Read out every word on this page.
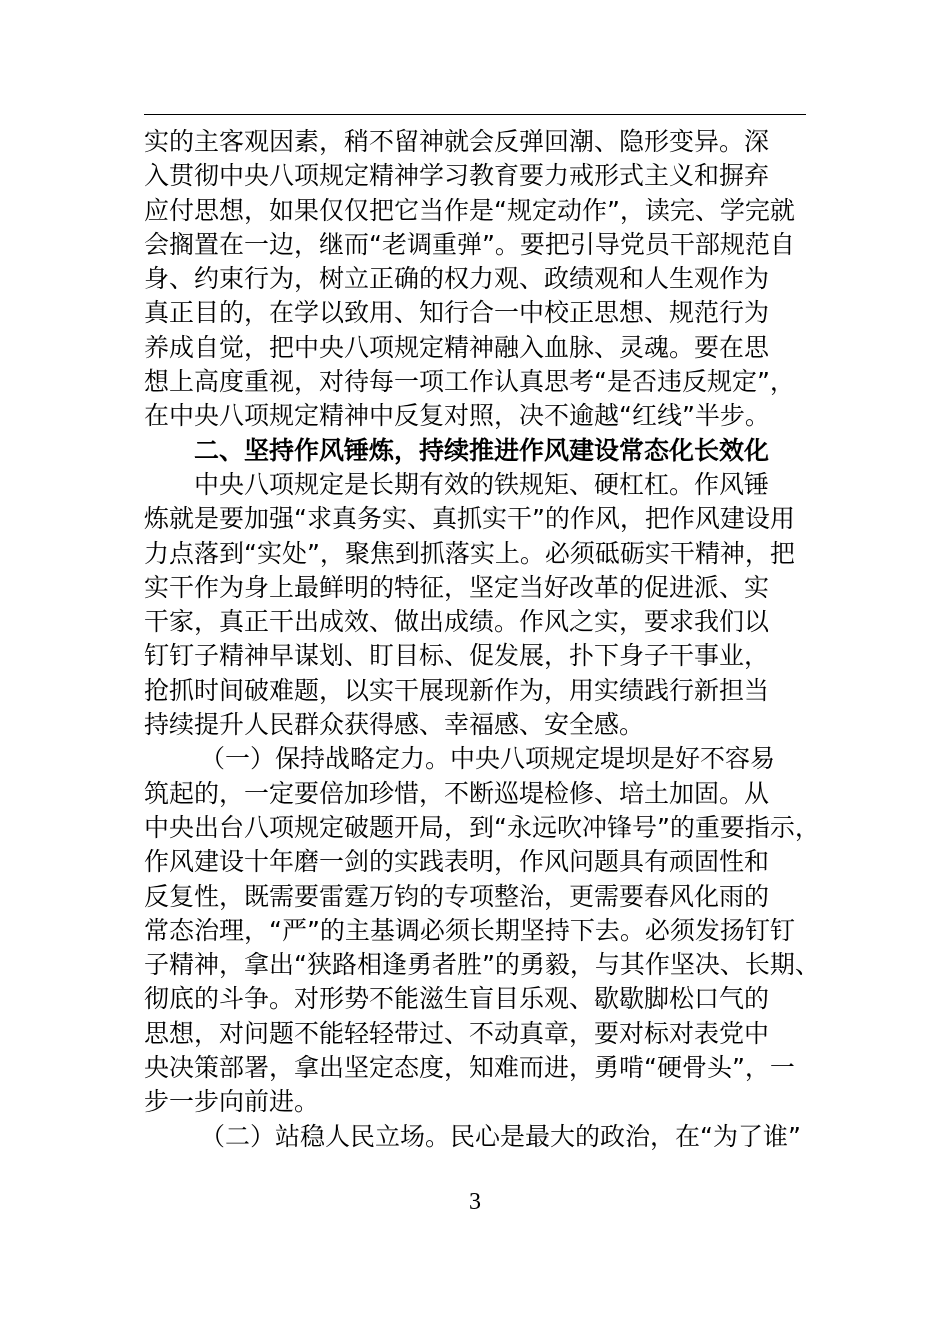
实的主客观因素，稍不留神就会反弹回潮、隐形变异。深
入贯彻中央八项规定精神学习教育要力戒形式主义和摒弃
应付思想，如果仅仅把它当作是“规定动作”，读完、学完就
会搁置在一边，继而“老调重弹”。要把引导党员干部规范自
身、约束行为，树立正确的权力观、政绩观和人生观作为
真正目的，在学以致用、知行合一中校正思想、规范行为
养成自觉，把中央八项规定精神融入血脉、灵魂。要在思
想上高度重视，对待每一项工作认真思考“是否违反规定”，
在中央八项规定精神中反复对照，决不逾越“红线”半步。
二、坚持作风锤炼，持续推进作风建设常态化长效化
中央八项规定是长期有效的铁规矩、硬杠杠。作风锤
炼就是要加强“求真务实、真抓实干”的作风，把作风建设用
力点落到“实处”，聚焦到抓落实上。必须砥砺实干精神，把
实干作为身上最鲜明的特征，坚定当好改革的促进派、实
干家，真正干出成效、做出成绩。作风之实，要求我们以
钉钉子精神早谋划、盯目标、促发展，扑下身子干事业，
抢抓时间破难题，以实干展现新作为，用实绩践行新担当
持续提升人民群众获得感、幸福感、安全感。
（一）保持战略定力。中央八项规定堤坝是好不容易
筑起的，一定要倍加珍惜，不断巡堤检修、培土加固。从
中央出台八项规定破题开局，到“永远吹冲锋号”的重要指示，
作风建设十年磨一剑的实践表明，作风问题具有顽固性和
反复性，既需要雷霆万钧的专项整治，更需要春风化雨的
常态治理，“严”的主基调必须长期坚持下去。必须发扬钉钉
子精神，拿出“狭路相逢勇者胜”的勇毅，与其作坚决、长期、
彻底的斗争。对形势不能滋生盲目乐观、歇歇脚松口气的
思想，对问题不能轻轻带过、不动真章，要对标对表党中
央决策部署，拿出坚定态度，知难而进，勇啃“硬骨头”，一
步一步向前进。
（二）站稳人民立场。民心是最大的政治，在“为了谁”
3
